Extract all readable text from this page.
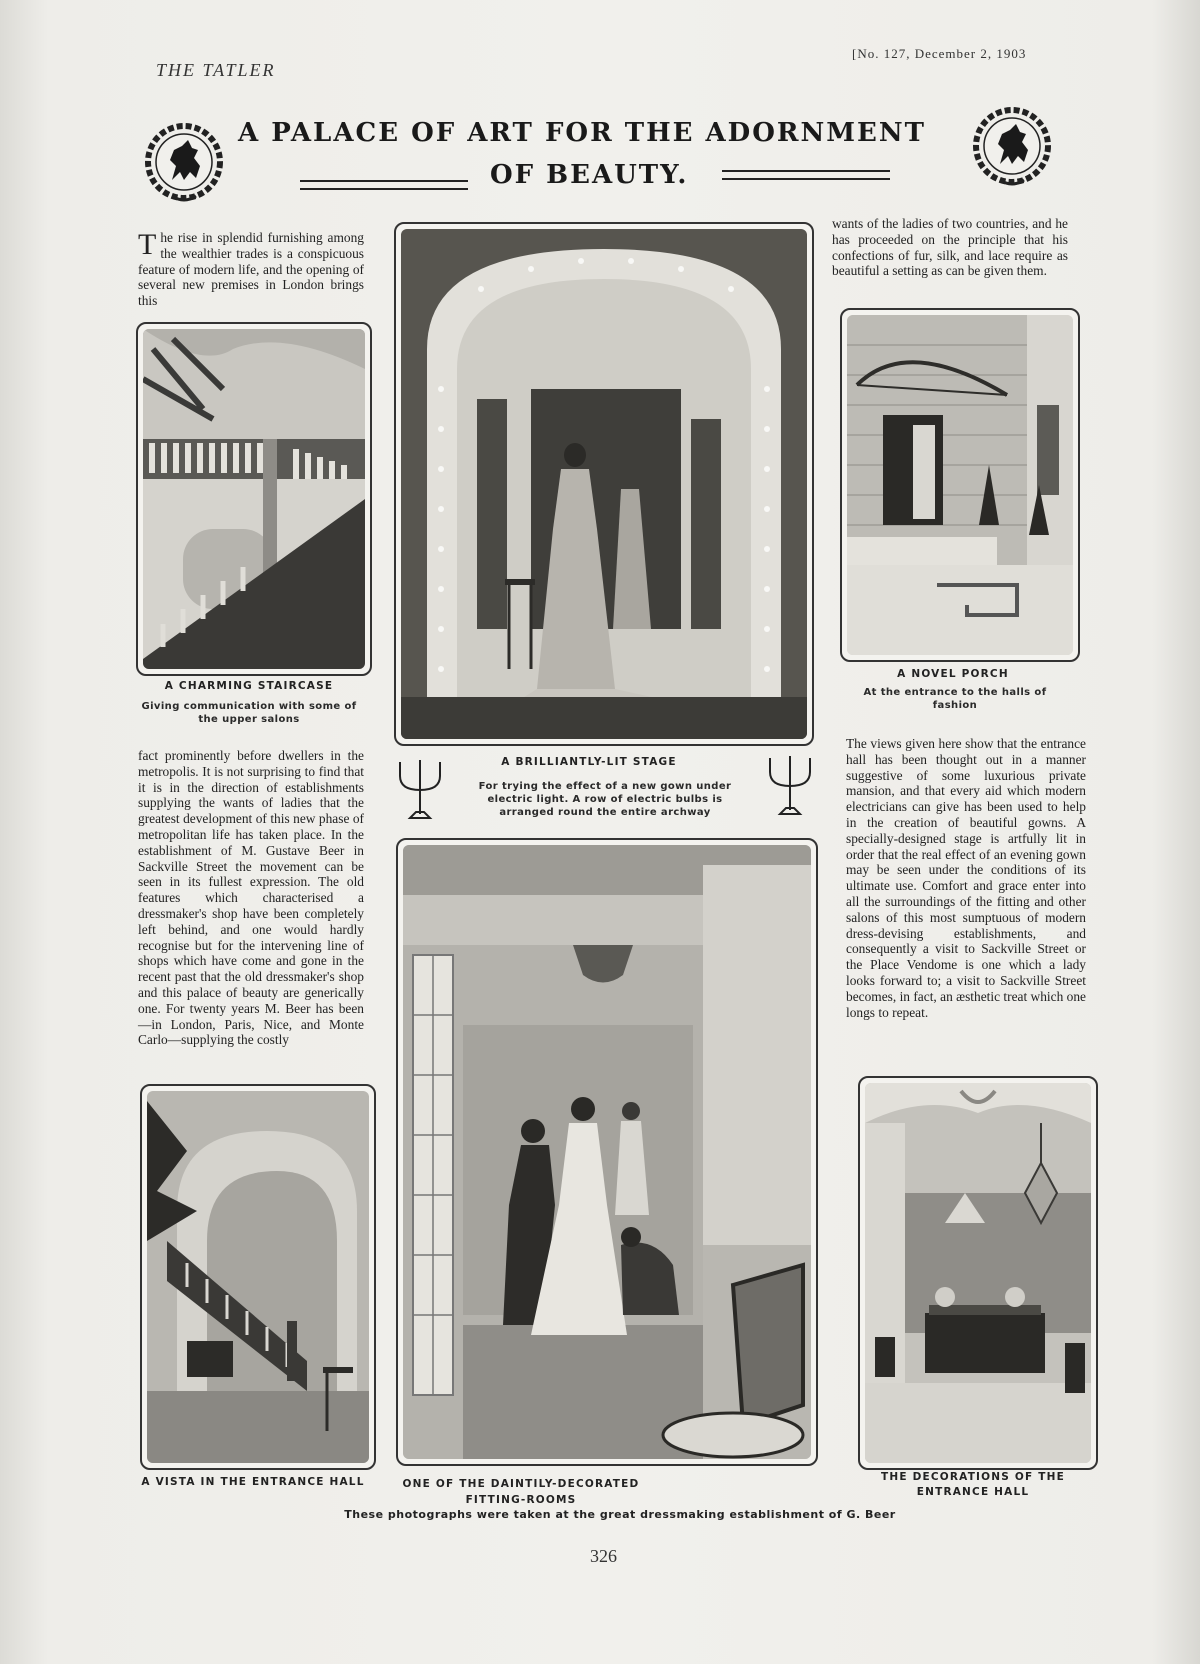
THE TATLER
[No. 127, December 2, 1903
A PALACE OF ART FOR THE ADORNMENT
OF BEAUTY.

The rise in splendid furnishing among the wealthier trades is a conspicuous feature of modern life, and the opening of several new premises in London brings this

A CHARMING STAIRCASE
Giving communication with some of the upper salons

fact prominently before dwellers in the metropolis. It is not surprising to find that it is in the direction of establishments supplying the wants of ladies that the greatest development of this new phase of metropolitan life has taken place. In the establishment of M. Gustave Beer in Sackville Street the movement can be seen in its fullest expression. The old features which characterised a dressmaker's shop have been completely left behind, and one would hardly recognise but for the intervening line of shops which have come and gone in the recent past that the old dressmaker's shop and this palace of beauty are generically one. For twenty years M. Beer has been—in London, Paris, Nice, and Monte Carlo—supplying the costly

A BRILLIANTLY-LIT STAGE
For trying the effect of a new gown under electric light. A row of electric bulbs is arranged round the entire archway

wants of the ladies of two countries, and he has proceeded on the principle that his confections of fur, silk, and lace require as beautiful a setting as can be given them.

A NOVEL PORCH
At the entrance to the halls of fashion

The views given here show that the entrance hall has been thought out in a manner suggestive of some luxurious private mansion, and that every aid which modern electricians can give has been used to help in the creation of beautiful gowns. A specially-designed stage is artfully lit in order that the real effect of an evening gown may be seen under the conditions of its ultimate use. Comfort and grace enter into all the surroundings of the fitting and other salons of this most sumptuous of modern dress-devising establishments, and consequently a visit to Sackville Street or the Place Vendome is one which a lady looks forward to; a visit to Sackville Street becomes, in fact, an æsthetic treat which one longs to repeat.

A VISTA IN THE ENTRANCE HALL	ONE OF THE DAINTILY-DECORATED FITTING-ROOMS
THE DECORATIONS OF THE ENTRANCE HALL
These photographs were taken at the great dressmaking establishment of G. Beer
326
